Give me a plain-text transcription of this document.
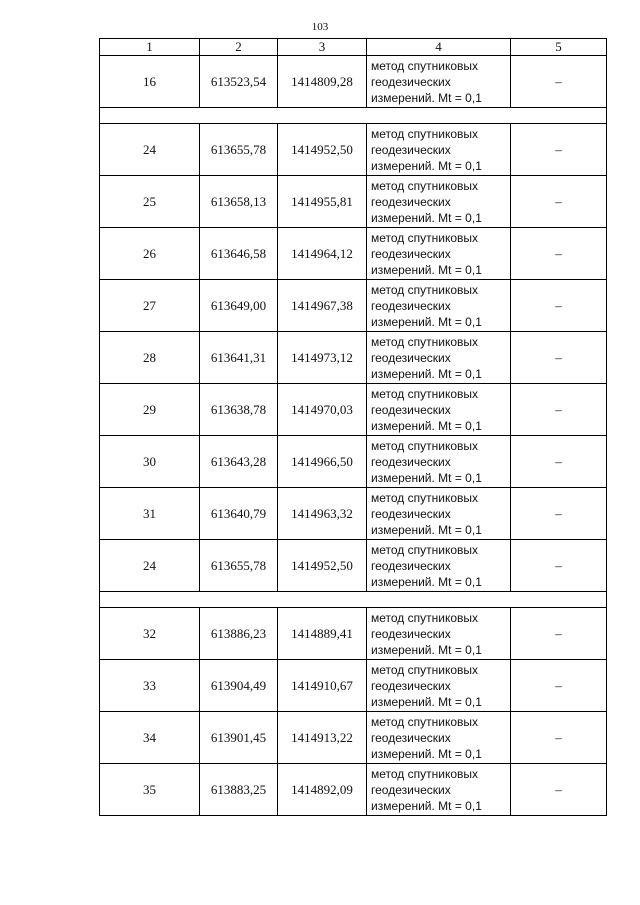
103
1	2	3	4	5
16	613523,54	1414809,28	метод спутниковых
геодезических
измерений. Mt = 0,1	–

24	613655,78	1414952,50	метод спутниковых
геодезических
измерений. Mt = 0,1	–
25	613658,13	1414955,81	метод спутниковых
геодезических
измерений. Mt = 0,1	–
26	613646,58	1414964,12	метод спутниковых
геодезических
измерений. Mt = 0,1	–
27	613649,00	1414967,38	метод спутниковых
геодезических
измерений. Mt = 0,1	–
28	613641,31	1414973,12	метод спутниковых
геодезических
измерений. Mt = 0,1	–
29	613638,78	1414970,03	метод спутниковых
геодезических
измерений. Mt = 0,1	–
30	613643,28	1414966,50	метод спутниковых
геодезических
измерений. Mt = 0,1	–
31	613640,79	1414963,32	метод спутниковых
геодезических
измерений. Mt = 0,1	–
24	613655,78	1414952,50	метод спутниковых
геодезических
измерений. Mt = 0,1	–

32	613886,23	1414889,41	метод спутниковых
геодезических
измерений. Mt = 0,1	–
33	613904,49	1414910,67	метод спутниковых
геодезических
измерений. Mt = 0,1	–
34	613901,45	1414913,22	метод спутниковых
геодезических
измерений. Mt = 0,1	–
35	613883,25	1414892,09	метод спутниковых
геодезических
измерений. Mt = 0,1	–
